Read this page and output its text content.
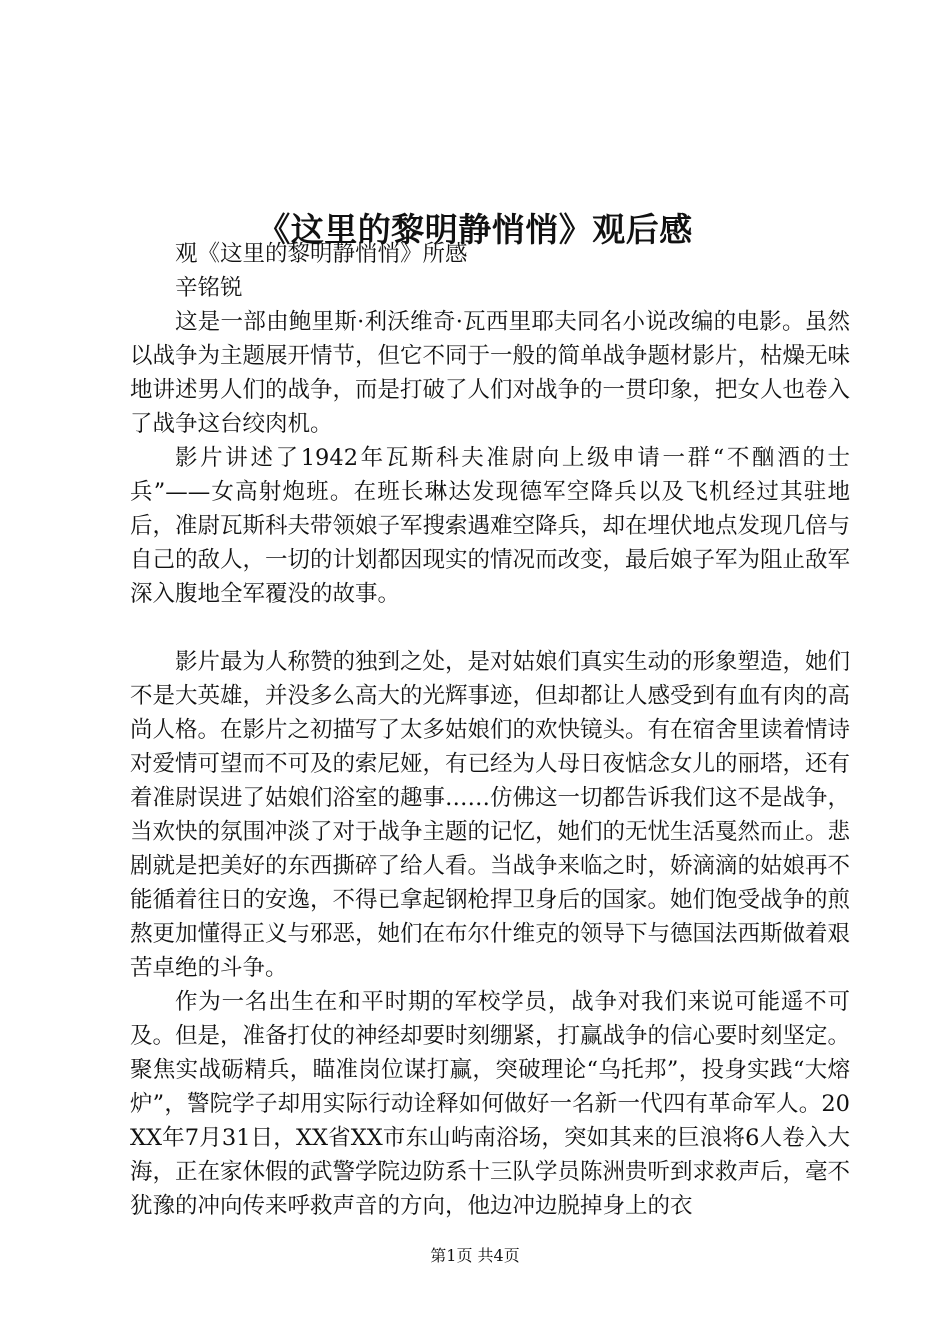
《这里的黎明静悄悄》观后感

观《这里的黎明静悄悄》所感

辛铭锐

这是一部由鲍里斯·利沃维奇·瓦西里耶夫同名小说改编的电影。虽然以战争为主题展开情节，但它不同于一般的简单战争题材影片，枯燥无味地讲述男人们的战争，而是打破了人们对战争的一贯印象，把女人也卷入了战争这台绞肉机。

影片讲述了1942年瓦斯科夫准尉向上级申请一群“不酗酒的士兵”——女高射炮班。在班长琳达发现德军空降兵以及飞机经过其驻地后，准尉瓦斯科夫带领娘子军搜索遇难空降兵，却在埋伏地点发现几倍与自己的敌人，一切的计划都因现实的情况而改变，最后娘子军为阻止敌军深入腹地全军覆没的故事。

影片最为人称赞的独到之处，是对姑娘们真实生动的形象塑造，她们不是大英雄，并没多么高大的光辉事迹，但却都让人感受到有血有肉的高尚人格。在影片之初描写了太多姑娘们的欢快镜头。有在宿舍里读着情诗对爱情可望而不可及的索尼娅，有已经为人母日夜惦念女儿的丽塔，还有着准尉误进了姑娘们浴室的趣事……仿佛这一切都告诉我们这不是战争，当欢快的氛围冲淡了对于战争主题的记忆，她们的无忧生活戛然而止。悲剧就是把美好的东西撕碎了给人看。当战争来临之时，娇滴滴的姑娘再不能循着往日的安逸，不得已拿起钢枪捍卫身后的国家。她们饱受战争的煎熬更加懂得正义与邪恶，她们在布尔什维克的领导下与德国法西斯做着艰苦卓绝的斗争。

作为一名出生在和平时期的军校学员，战争对我们来说可能遥不可及。但是，准备打仗的神经却要时刻绷紧，打赢战争的信心要时刻坚定。聚焦实战砺精兵，瞄准岗位谋打赢，突破理论“乌托邦”，投身实践“大熔炉”，警院学子却用实际行动诠释如何做好一名新一代四有革命军人。20XX年7月31日，XX省XX市东山屿南浴场，突如其来的巨浪将6人卷入大海，正在家休假的武警学院边防系十三队学员陈洲贵听到求救声后，毫不犹豫的冲向传来呼救声音的方向，他边冲边脱掉身上的衣

第1页 共4页
